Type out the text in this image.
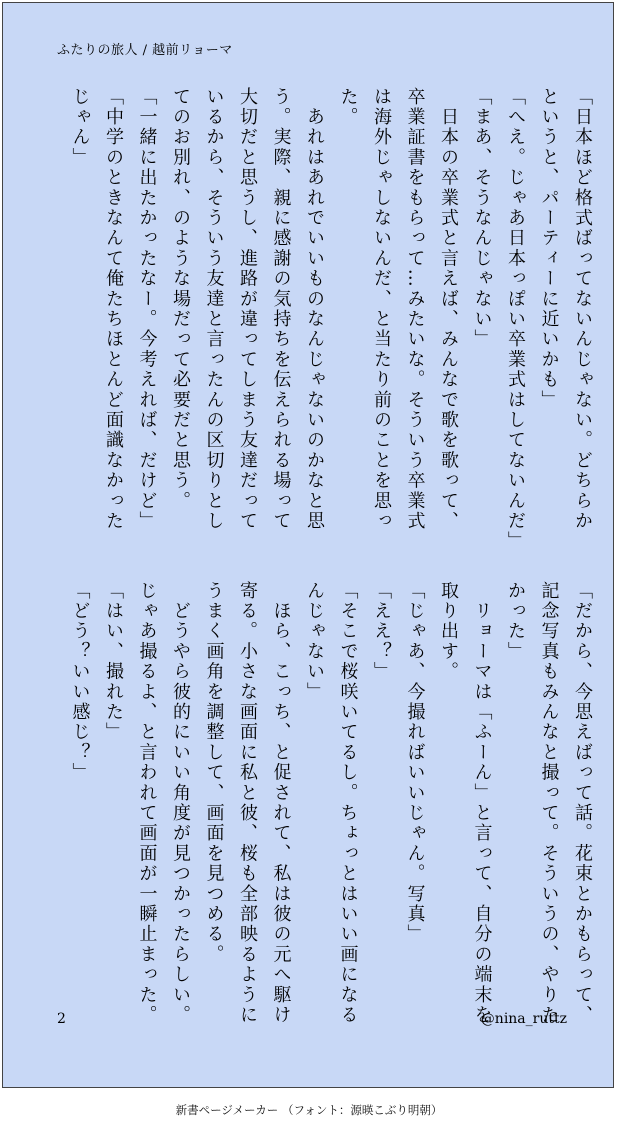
ふたりの旅人 / 越前リョーマ
「日本ほど格式ばってないんじゃない。どちらか
というと、パーティーに近いかも」
「へえ。じゃあ日本っぽい卒業式はしてないんだ」
「まあ、そうなんじゃない」
　日本の卒業式と言えば、みんなで歌を歌って、
卒業証書をもらって…みたいな。そういう卒業式
は海外じゃしないんだ、と当たり前のことを思っ
た。
　あれはあれでいいものなんじゃないのかなと思
う。実際、親に感謝の気持ちを伝えられる場って
大切だと思うし、進路が違ってしまう友達だって
いるから、そういう友達と言ったんの区切りとし
てのお別れ、のような場だって必要だと思う。
「一緒に出たかったなー。今考えれば、だけど」
「中学のときなんて俺たちほとんど面識なかった
じゃん」
「だから、今思えばって話。花束とかもらって、
記念写真もみんなと撮って。そういうの、やりた
かった」
　リョーマは「ふーん」と言って、自分の端末を
取り出す。
「じゃあ、今撮ればいいじゃん。写真」
「ええ？」
「そこで桜咲いてるし。ちょっとはいい画になる
んじゃない」
　ほら、こっち、と促されて、私は彼の元へ駆け
寄る。小さな画面に私と彼、桜も全部映るように
うまく画角を調整して、画面を見つめる。
　どうやら彼的にいい角度が見つかったらしい。
じゃあ撮るよ、と言われて画面が一瞬止まった。
「はい、撮れた」
「どう？いい感じ？」
2	@nina_ruttz
新書ページメーカー （フォント：源暎こぶり明朝）
